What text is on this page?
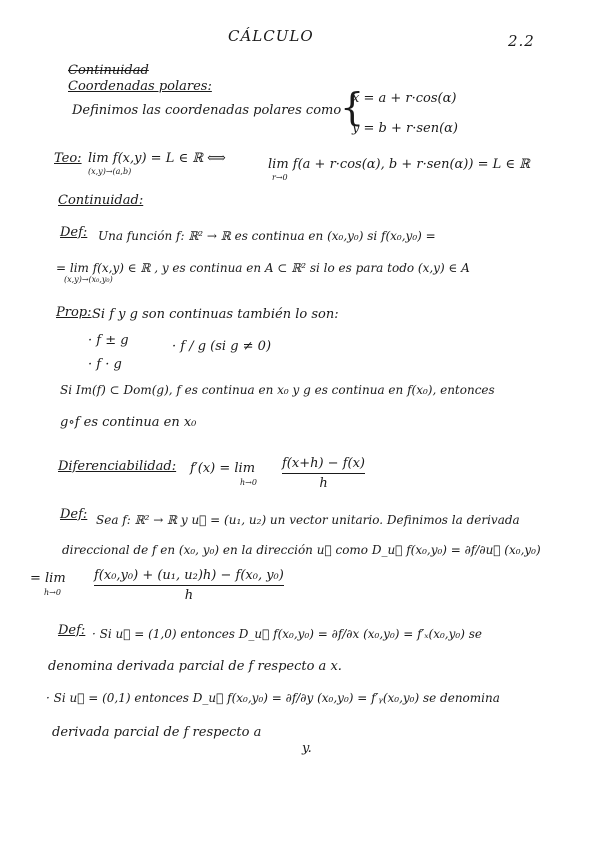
CÁLCULO	2.2
Continuidad
Coordenadas polares:
Definimos las coordenadas polares como
{
x = a + r·cos(α)
y = b + r·sen(α)
Teo: lim f(x,y) = L ∈ ℝ ⟺
(x,y)→(a,b)	lim f(a + r·cos(α), b + r·sen(α)) = L ∈ ℝ
r→0
Continuidad:
Def: Una función f: ℝ² → ℝ es continua en (x₀,y₀) si f(x₀,y₀) =
= lim f(x,y) ∈ ℝ , y es continua en A ⊂ ℝ² si lo es para todo (x,y) ∈ A
(x,y)→(x₀,y₀)
Prop: Si f y g son continuas también lo son:
· f ± g	· f / g (si g ≠ 0)
· f · g
Si Im(f) ⊂ Dom(g), f es continua en x₀ y g es continua en f(x₀), entonces
g∘f es continua en x₀
Diferenciabilidad: f′(x) = lim
h→0
f(x+h) − f(x)
h
Def: Sea f: ℝ² → ℝ y u⃗ = (u₁, u₂) un vector unitario. Definimos la derivada
direccional de f en (x₀, y₀) en la dirección u⃗ como D_u⃗ f(x₀,y₀) = ∂f/∂u⃗ (x₀,y₀)
= lim
h→0
f(x₀,y₀) + (u₁, u₂)h) − f(x₀, y₀)
h
Def: · Si u⃗ = (1,0) entonces D_u⃗ f(x₀,y₀) = ∂f/∂x (x₀,y₀) = f′ₓ(x₀,y₀) se
denomina derivada parcial de f respecto a x.
· Si u⃗ = (0,1) entonces D_u⃗ f(x₀,y₀) = ∂f/∂y (x₀,y₀) = f′ᵧ(x₀,y₀) se denomina
derivada parcial de f respecto a
y.
